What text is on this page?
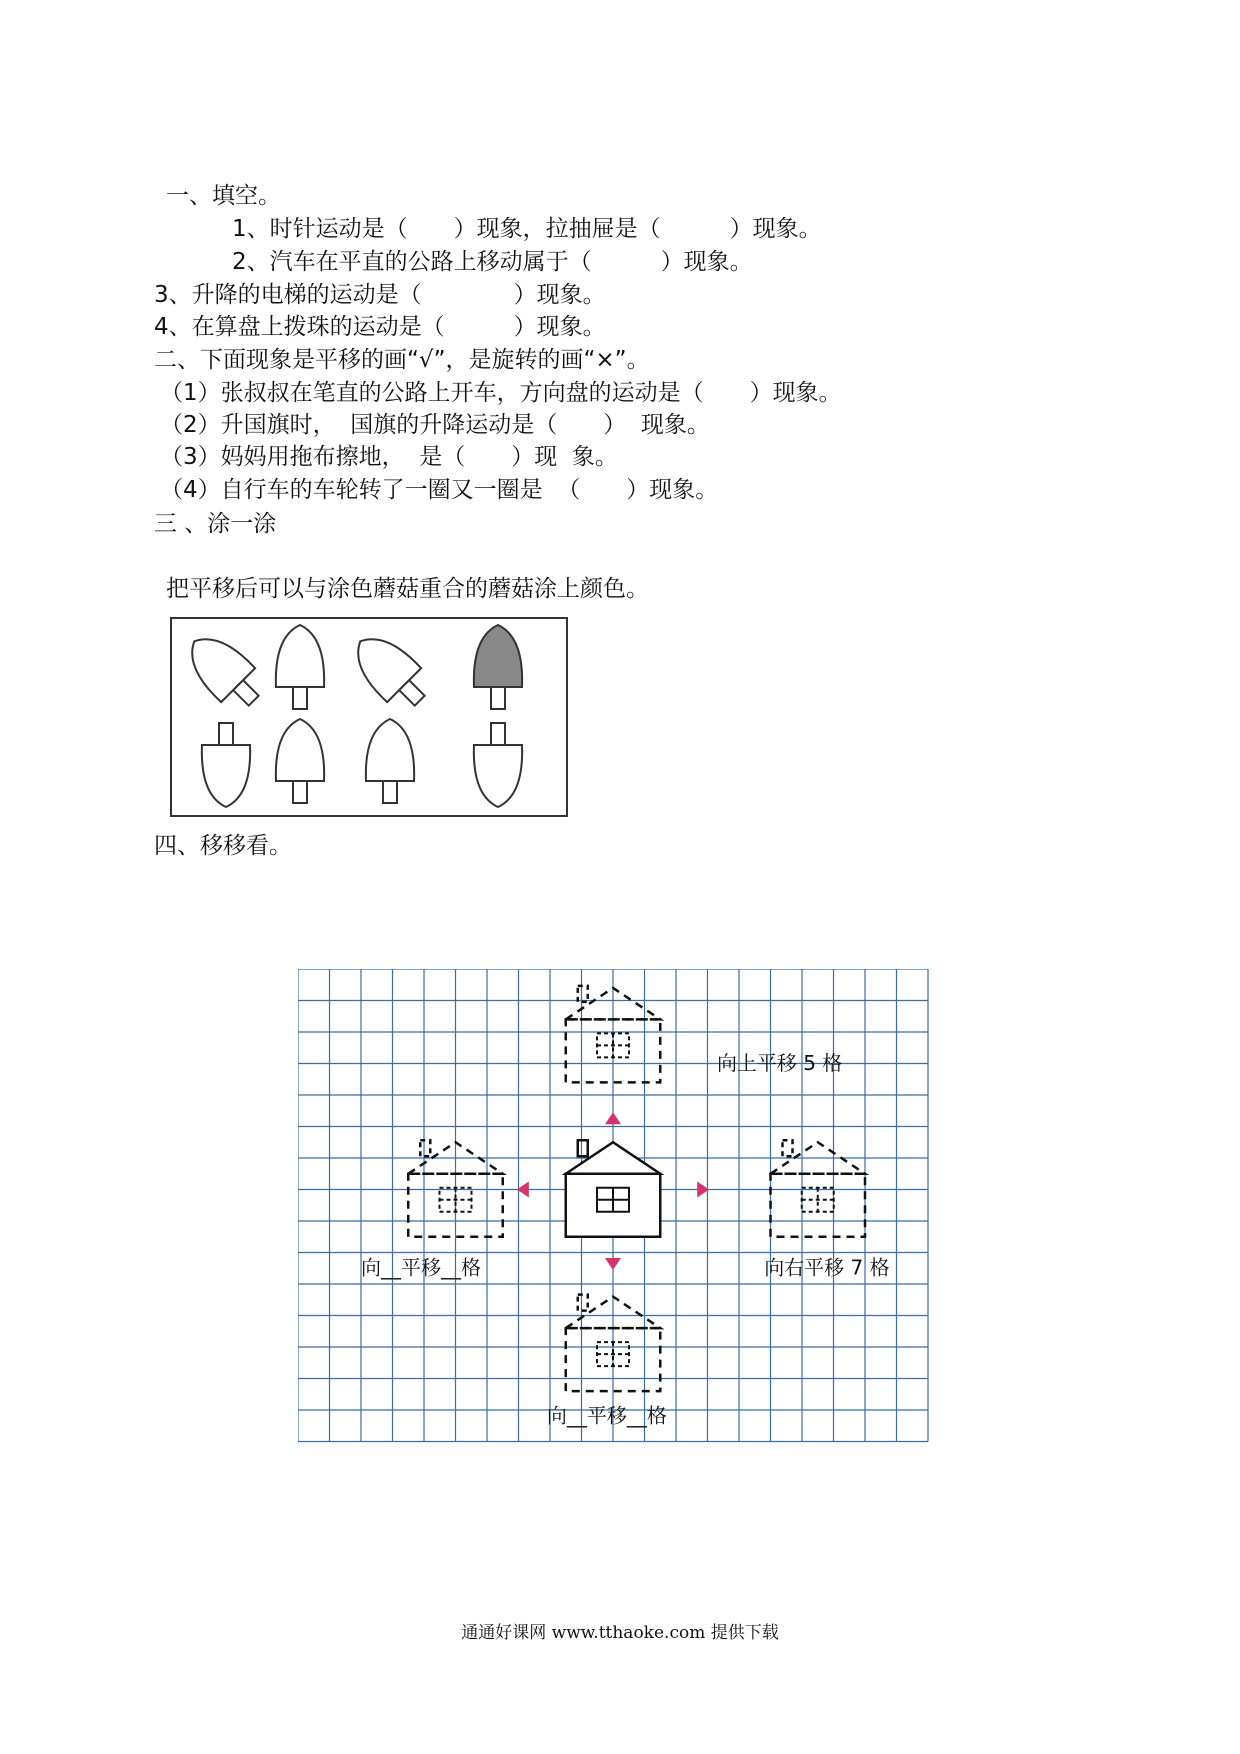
一、填空。
1、时针运动是（　　）现象，拉抽屉是（　　　）现象。
2、汽车在平直的公路上移动属于（　　　）现象。
3、升降的电梯的运动是（　　　　）现象。
4、在算盘上拨珠的运动是（　　　）现象。
二、下面现象是平移的画“√”，是旋转的画“×”。
（1）张叔叔在笔直的公路上开车，方向盘的运动是（　　）现象。
（2）升国旗时，  国旗的升降运动是（　　）  现象。
（3）妈妈用拖布擦地，  是（　　）现  象。
（4）自行车的车轮转了一圈又一圈是  （　　）现象。
三 、涂一涂
把平移后可以与涂色蘑菇重合的蘑菇涂上颜色。
四、移移看。
向上平移 5 格
向__平移__格	向右平移 7 格
向__平移__格
通通好课网 www.tthaoke.com 提供下载
